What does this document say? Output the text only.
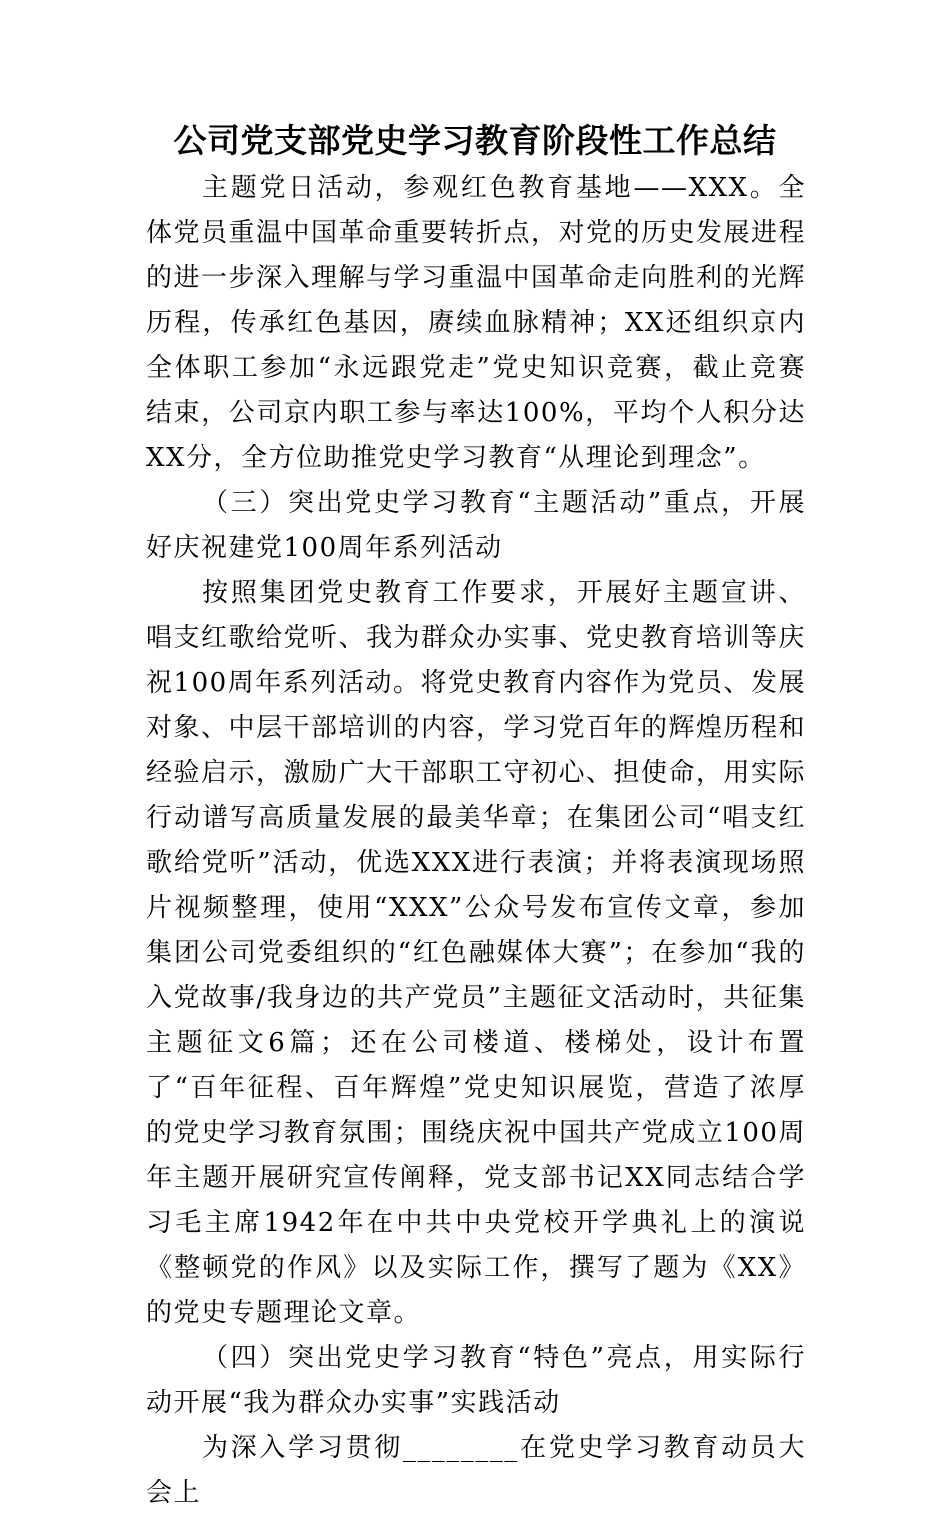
公司党支部党史学习教育阶段性工作总结

主题党日活动，参观红色教育基地——XXX。全体党员重温中国革命重要转折点，对党的历史发展进程的进一步深入理解与学习重温中国革命走向胜利的光辉历程，传承红色基因，赓续血脉精神；XX还组织京内全体职工参加“永远跟党走”党史知识竞赛，截止竞赛结束，公司京内职工参与率达100%，平均个人积分达XX分，全方位助推党史学习教育“从理论到理念”。

（三）突出党史学习教育“主题活动”重点，开展好庆祝建党100周年系列活动

按照集团党史教育工作要求，开展好主题宣讲、唱支红歌给党听、我为群众办实事、党史教育培训等庆祝100周年系列活动。将党史教育内容作为党员、发展对象、中层干部培训的内容，学习党百年的辉煌历程和经验启示，激励广大干部职工守初心、担使命，用实际行动谱写高质量发展的最美华章；在集团公司“唱支红歌给党听”活动，优选XXX进行表演；并将表演现场照片视频整理，使用“XXX”公众号发布宣传文章，参加集团公司党委组织的“红色融媒体大赛”；在参加“我的入党故事/我身边的共产党员”主题征文活动时，共征集主题征文6篇；还在公司楼道、楼梯处，设计布置了“百年征程、百年辉煌”党史知识展览，营造了浓厚的党史学习教育氛围；围绕庆祝中国共产党成立100周年主题开展研究宣传阐释，党支部书记XX同志结合学习毛主席1942年在中共中央党校开学典礼上的演说《整顿党的作风》以及实际工作，撰写了题为《XX》的党史专题理论文章。

（四）突出党史学习教育“特色”亮点，用实际行动开展“我为群众办实事”实践活动

为深入学习贯彻________在党史学习教育动员大会上
